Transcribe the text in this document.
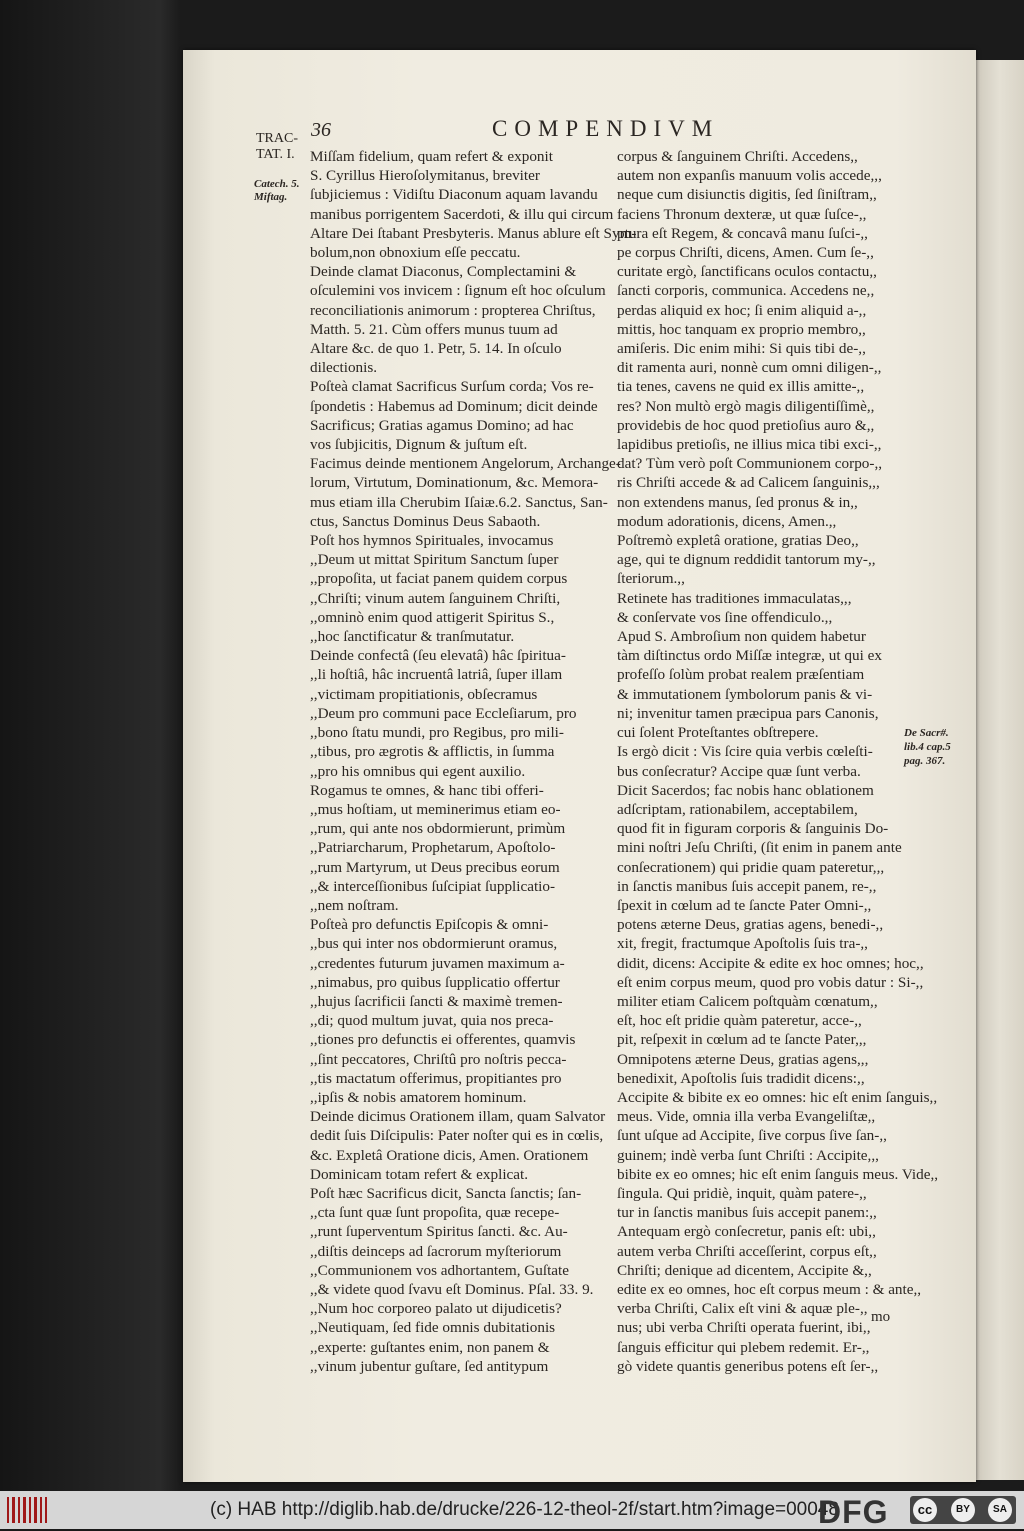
36	COMPENDIVM
TRAC-
TAT. I.
Catech. 5.
Miftag.
De Sacr#.
lib.4 cap.5
pag. 367.
Miſſam fidelium, quam refert & exponit
S. Cyrillus Hieroſolymitanus, breviter
ſubjiciemus : Vidiſtu Diaconum aquam lavandu
manibus porrigentem Sacerdoti, & illu qui circum
Altare Dei ſtabant Presbyteris. Manus ablure eſt Sym-
bolum,non obnoxium eſſe peccatu.
Deinde clamat Diaconus, Complectamini &
oſculemini vos invicem : ſignum eſt hoc oſculum
reconciliationis animorum : propterea Chriſtus,
Matth. 5. 21. Cùm offers munus tuum ad
Altare &c. de quo 1. Petr, 5. 14. In oſculo
dilectionis.
Poſteà clamat Sacrificus Surſum corda; Vos re-
ſpondetis : Habemus ad Dominum; dicit deinde
Sacrificus; Gratias agamus Domino; ad hac
vos ſubjicitis, Dignum & juſtum eſt.
Facimus deinde mentionem Angelorum, Archange-
lorum, Virtutum, Dominationum, &c. Memora-
mus etiam illa Cherubim Iſaiæ.6.2. Sanctus, San-
ctus, Sanctus Dominus Deus Sabaoth.
Poſt hos hymnos Spirituales, invocamus
,,Deum ut mittat Spiritum Sanctum ſuper
,,propoſita, ut faciat panem quidem corpus
,,Chriſti; vinum autem ſanguinem Chriſti,
,,omninò enim quod attigerit Spiritus S.,
,,hoc ſanctificatur & tranſmutatur.
Deinde confectâ (ſeu elevatâ) hâc ſpiritua-
,,li hoſtiâ, hâc incruentâ latriâ, ſuper illam
,,victimam propitiationis, obſecramus
,,Deum pro communi pace Eccleſiarum, pro
,,bono ſtatu mundi, pro Regibus, pro mili-
,,tibus, pro ægrotis & afflictis, in ſumma
,,pro his omnibus qui egent auxilio.
Rogamus te omnes, & hanc tibi offeri-
,,mus hoſtiam, ut meminerimus etiam eo-
,,rum, qui ante nos obdormierunt, primùm
,,Patriarcharum, Prophetarum, Apoſtolo-
,,rum Martyrum, ut Deus precibus eorum
,,& interceſſionibus ſuſcipiat ſupplicatio-
,,nem noſtram.
Poſteà pro defunctis Epiſcopis & omni-
,,bus qui inter nos obdormierunt oramus,
,,credentes futurum juvamen maximum a-
,,nimabus, pro quibus ſupplicatio offertur
,,hujus ſacrificii ſancti & maximè tremen-
,,di; quod multum juvat, quia nos preca-
,,tiones pro defunctis ei offerentes, quamvis
,,ſint peccatores, Chriſtû pro noſtris pecca-
,,tis mactatum offerimus, propitiantes pro
,,ipſis & nobis amatorem hominum.
Deinde dicimus Orationem illam, quam Salvator
dedit ſuis Diſcipulis: Pater noſter qui es in cœlis,
&c. Expletâ Oratione dicis, Amen. Orationem
Dominicam totam refert & explicat.
Poſt hæc Sacrificus dicit, Sancta ſanctis; ſan-
,,cta ſunt quæ ſunt propoſita, quæ recepe-
,,runt ſuperventum Spiritus ſancti. &c. Au-
,,diſtis deinceps ad ſacrorum myſteriorum
,,Communionem vos adhortantem, Guſtate
,,& videte quod ſvavu eſt Dominus. Pſal. 33. 9.
,,Num hoc corporeo palato ut dijudicetis?
,,Neutiquam, ſed fide omnis dubitationis
,,experte: guſtantes enim, non panem &
,,vinum jubentur guſtare, ſed antitypum
corpus & ſanguinem Chriſti. Accedens,,
autem non expanſis manuum volis accede,,,
neque cum disiunctis digitis, ſed ſiniſtram,,
faciens Thronum dexteræ, ut quæ ſuſce-,,
ptura eſt Regem, & concavâ manu ſuſci-,,
pe corpus Chriſti, dicens, Amen. Cum ſe-,,
curitate ergò, ſanctificans oculos contactu,,
ſancti corporis, communica. Accedens ne,,
perdas aliquid ex hoc; ſi enim aliquid a-,,
mittis, hoc tanquam ex proprio membro,,
amiſeris. Dic enim mihi: Si quis tibi de-,,
dit ramenta auri, nonnè cum omni diligen-,,
tia tenes, cavens ne quid ex illis amitte-,,
res? Non multò ergò magis diligentiſſimè,,
providebis de hoc quod pretioſius auro &,,
lapidibus pretioſis, ne illius mica tibi exci-,,
dat? Tùm verò poſt Communionem corpo-,,
ris Chriſti accede & ad Calicem ſanguinis,,,
non extendens manus, ſed pronus & in,,
modum adorationis, dicens, Amen.,,
Poſtremò expletâ oratione, gratias Deo,,
age, qui te dignum reddidit tantorum my-,,
ſteriorum.,,
Retinete has traditiones immaculatas,,,
& conſervate vos ſine offendiculo.,,
Apud S. Ambroſium non quidem habetur
tàm diſtinctus ordo Miſſæ integræ, ut qui ex
profeſſo ſolùm probat realem præſentiam
& immutationem ſymbolorum panis & vi-
ni; invenitur tamen præcipua pars Canonis,
cui ſolent Proteſtantes obſtrepere.
Is ergò dicit : Vis ſcire quia verbis cœleſti-
bus conſecratur? Accipe quæ ſunt verba.
Dicit Sacerdos; fac nobis hanc oblationem
adſcriptam, rationabilem, acceptabilem,
quod fit in figuram corporis & ſanguinis Do-
mini noſtri Jeſu Chriſti, (ſit enim in panem ante
conſecrationem) qui pridie quam pateretur,,,
in ſanctis manibus ſuis accepit panem, re-,,
ſpexit in cœlum ad te ſancte Pater Omni-,,
potens æterne Deus, gratias agens, benedi-,,
xit, fregit, fractumque Apoſtolis ſuis tra-,,
didit, dicens: Accipite & edite ex hoc omnes; hoc,,
eſt enim corpus meum, quod pro vobis datur : Si-,,
militer etiam Calicem poſtquàm cœnatum,,
eſt, hoc eſt pridie quàm pateretur, acce-,,
pit, reſpexit in cœlum ad te ſancte Pater,,,
Omnipotens æterne Deus, gratias agens,,,
benedixit, Apoſtolis ſuis tradidit dicens:,,
Accipite & bibite ex eo omnes: hic eſt enim ſanguis,,
meus. Vide, omnia illa verba Evangeliſtæ,,
ſunt uſque ad Accipite, ſive corpus ſive ſan-,,
guinem; indè verba ſunt Chriſti : Accipite,,,
bibite ex eo omnes; hic eſt enim ſanguis meus. Vide,,
ſingula. Qui pridiè, inquit, quàm patere-,,
tur in ſanctis manibus ſuis accepit panem:,,
Antequam ergò conſecretur, panis eſt: ubi,,
autem verba Chriſti acceſſerint, corpus eſt,,
Chriſti; denique ad dicentem, Accipite &,,
edite ex eo omnes, hoc eſt corpus meum : & ante,,
verba Chriſti, Calix eſt vini & aquæ ple-,,
nus; ubi verba Chriſti operata fuerint, ibi,,
ſanguis efficitur qui plebem redemit. Er-,,
gò videte quantis generibus potens eſt ſer-,,
mo
(c) HAB http://diglib.hab.de/drucke/226-12-theol-2f/start.htm?image=00048
DFG	cc	BY	SA
